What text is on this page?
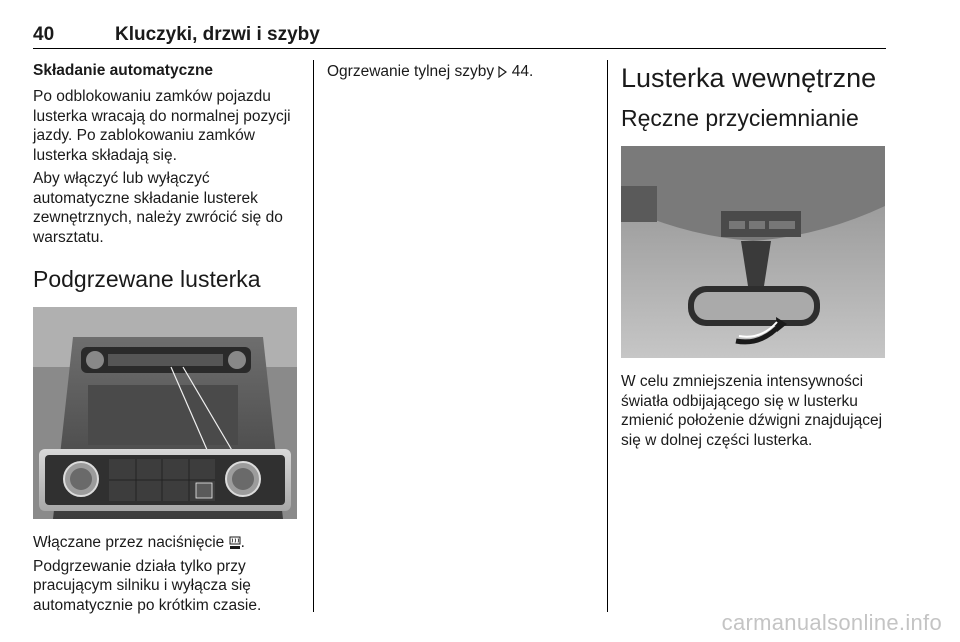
40	Kluczyki, drzwi i szyby
Składanie automatyczne

Po odblokowaniu zamków pojazdu lusterka wracają do normalnej pozycji jazdy. Po zablokowaniu zamków lusterka składają się.

Aby włączyć lub wyłączyć automatyczne składanie lusterek zewnętrznych, należy zwrócić się do warsztatu.

Podgrzewane lusterka

Włączane przez naciśnięcie
.

Podgrzewanie działa tylko przy pracującym silniku i wyłącza się automatycznie po krótkim czasie.

Ogrzewanie tylnej szyby
44.	Lusterka wewnętrzne
Ręczne przyciemnianie

W celu zmniejszenia intensywności światła odbijającego się w lusterku zmienić położenie dźwigni znajdującej się w dolnej części lusterka.

carmanualsonline.info
